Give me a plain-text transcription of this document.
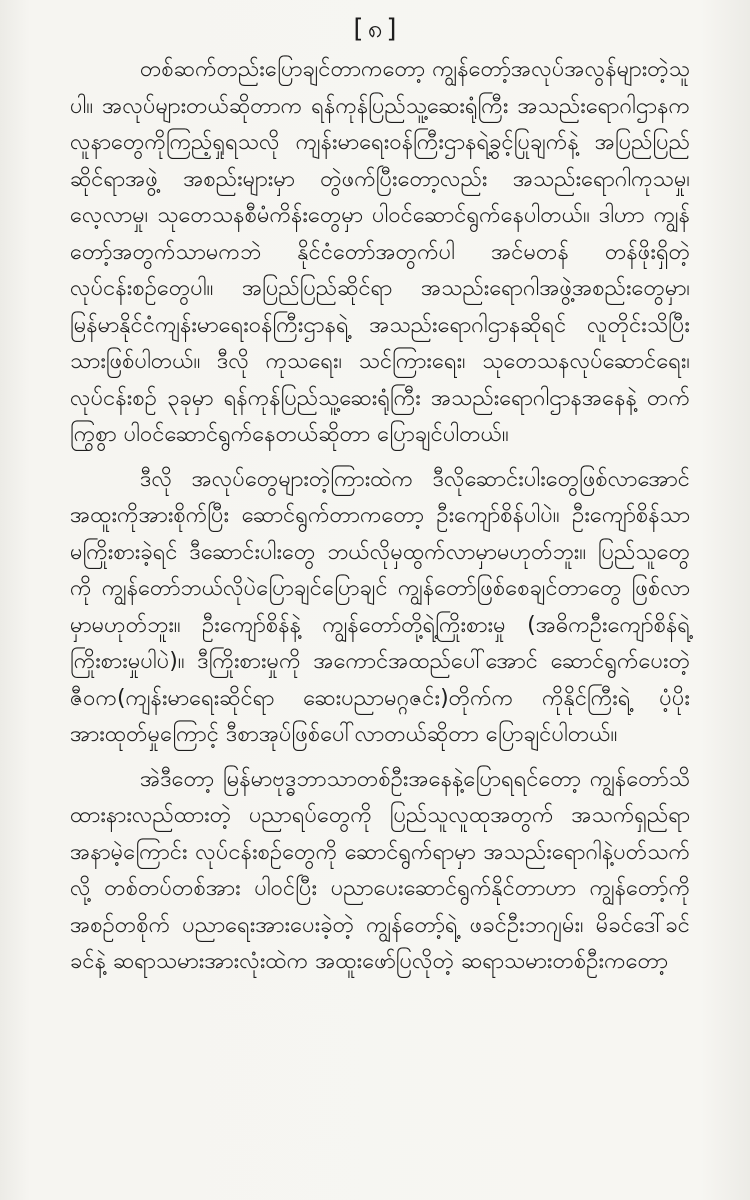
[ ၈ ]

တစ်ဆက်တည်းပြောချင်တာကတော့ ကျွန်တော့်အလုပ်အလွန်များတဲ့သူပါ။ အလုပ်များတယ်ဆိုတာက ရန်ကုန်ပြည်သူ့ဆေးရုံကြီး အသည်းရောဂါဌာနက လူနာတွေကိုကြည့်ရှုရသလို ကျန်းမာရေးဝန်ကြီးဌာနရဲ့ခွင့်ပြုချက်နဲ့ အပြည်ပြည်ဆိုင်ရာအဖွဲ့ အစည်းများမှာ တွဲဖက်ပြီးတော့လည်း အသည်းရောဂါကုသမှု၊ လေ့လာမှု၊ သုတေသနစီမံကိန်းတွေမှာ ပါဝင်ဆောင်ရွက်နေပါတယ်။ ဒါဟာ ကျွန်တော့်အတွက်သာမကဘဲ နိုင်ငံတော်အတွက်ပါ အင်မတန် တန်ဖိုးရှိတဲ့ လုပ်ငန်းစဉ်တွေပါ။ အပြည်ပြည်ဆိုင်ရာ အသည်းရောဂါအဖွဲ့အစည်းတွေမှာ၊ မြန်မာနိုင်ငံကျန်းမာရေးဝန်ကြီးဌာနရဲ့ အသည်းရောဂါဌာနဆိုရင် လူတိုင်းသိပြီးသားဖြစ်ပါတယ်။ ဒီလို ကုသရေး၊ သင်ကြားရေး၊ သုတေသနလုပ်ဆောင်ရေး၊ လုပ်ငန်းစဉ် ၃ခုမှာ ရန်ကုန်ပြည်သူ့ဆေးရုံကြီး အသည်းရောဂါဌာနအနေနဲ့ တက်ကြွစွာ ပါဝင်ဆောင်ရွက်နေတယ်ဆိုတာ ပြောချင်ပါတယ်။

ဒီလို အလုပ်တွေများတဲ့ကြားထဲက ဒီလိုဆောင်းပါးတွေဖြစ်လာအောင် အထူးကိုအားစိုက်ပြီး ဆောင်ရွက်တာကတော့ ဦးကျော်စိန်ပါပဲ။ ဦးကျော်စိန်သာ မကြိုးစားခဲ့ရင် ဒီဆောင်းပါးတွေ ဘယ်လိုမှထွက်လာမှာမဟုတ်ဘူး။ ပြည်သူတွေကို ကျွန်တော်ဘယ်လိုပဲပြောချင်ပြောချင် ကျွန်တော်ဖြစ်စေချင်တာတွေ ဖြစ်လာ မှာမဟုတ်ဘူး။ ဦးကျော်စိန်နဲ့ ကျွန်တော်တို့ရဲ့ကြိုးစားမှု (အဓိကဦးကျော်စိန်ရဲ့ ကြိုးစားမှုပါပဲ)။ ဒီကြိုးစားမှုကို အကောင်အထည်ပေါ်အောင် ဆောင်ရွက်ပေးတဲ့ ဇီဝက(ကျန်းမာရေးဆိုင်ရာ ဆေးပညာမဂ္ဂဇင်း)တိုက်က ကိုနိုင်ကြီးရဲ့ ပံ့ပိုးအားထုတ်မှုကြောင့် ဒီစာအုပ်ဖြစ်ပေါ်လာတယ်ဆိုတာ ပြောချင်ပါတယ်။

အဲဒီတော့ မြန်မာဗုဒ္ဓဘာသာတစ်ဦးအနေနဲ့ပြောရရင်တော့ ကျွန်တော်သိထားနားလည်ထားတဲ့ ပညာရပ်တွေကို ပြည်သူလူထုအတွက် အသက်ရှည်ရာအနာမဲ့ကြောင်း လုပ်ငန်းစဉ်တွေကို ဆောင်ရွက်ရာမှာ အသည်းရောဂါနဲ့ပတ်သက်လို့ တစ်တပ်တစ်အား ပါဝင်ပြီး ပညာပေးဆောင်ရွက်နိုင်တာဟာ ကျွန်တော့်ကို အစဉ်တစိုက် ပညာရေးအားပေးခဲ့တဲ့ ကျွန်တော့်ရဲ့ ဖခင်ဦးဘဂျမ်း၊ မိခင်ဒေါ်ခင်ခင်နဲ့ ဆရာသမားအားလုံးထဲက အထူးဖော်ပြလိုတဲ့ ဆရာသမားတစ်ဦးကတော့
